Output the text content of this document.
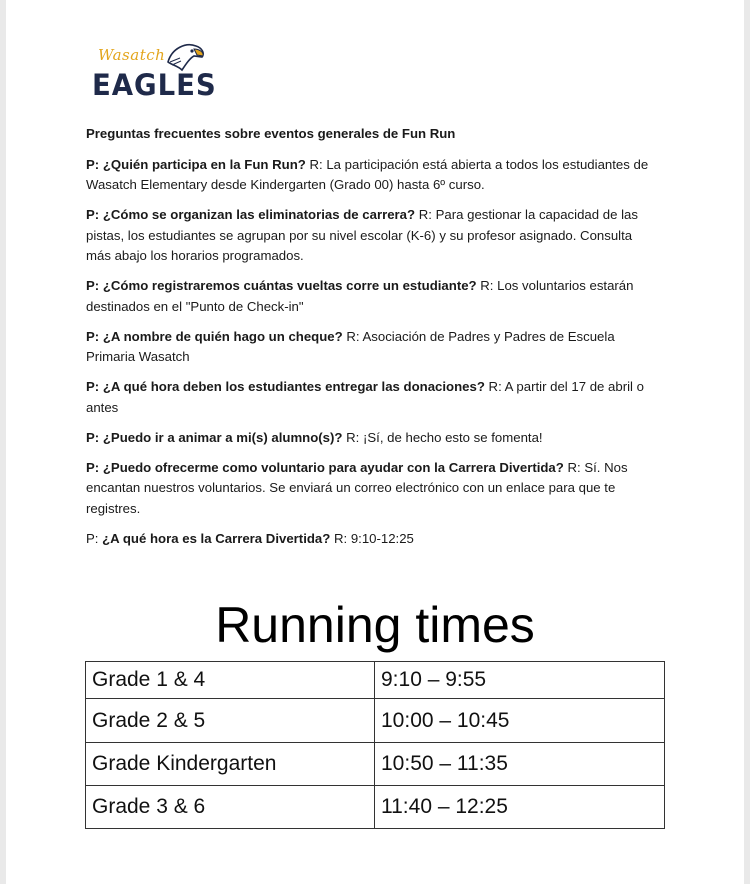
Wasatch
EAGLES
Preguntas frecuentes sobre eventos generales de Fun Run

P: ¿Quién participa en la Fun Run? R: La participación está abierta a todos los estudiantes de Wasatch Elementary desde Kindergarten (Grado 00) hasta 6º curso.

P: ¿Cómo se organizan las eliminatorias de carrera? R: Para gestionar la capacidad de las pistas, los estudiantes se agrupan por su nivel escolar (K-6) y su profesor asignado. Consulta más abajo los horarios programados.

P: ¿Cómo registraremos cuántas vueltas corre un estudiante? R: Los voluntarios estarán destinados en el "Punto de Check-in"

P: ¿A nombre de quién hago un cheque? R: Asociación de Padres y Padres de Escuela Primaria Wasatch

P: ¿A qué hora deben los estudiantes entregar las donaciones? R: A partir del 17 de abril o antes

P: ¿Puedo ir a animar a mi(s) alumno(s)? R: ¡Sí, de hecho esto se fomenta!

P: ¿Puedo ofrecerme como voluntario para ayudar con la Carrera Divertida? R: Sí. Nos encantan nuestros voluntarios. Se enviará un correo electrónico con un enlace para que te registres.

P: ¿A qué hora es la Carrera Divertida? R: 9:10-12:25

Running times
Grade 1 & 4	9:10 – 9:55
Grade 2 & 5	10:00 – 10:45
Grade Kindergarten	10:50 – 11:35
Grade 3 & 6	11:40 – 12:25
